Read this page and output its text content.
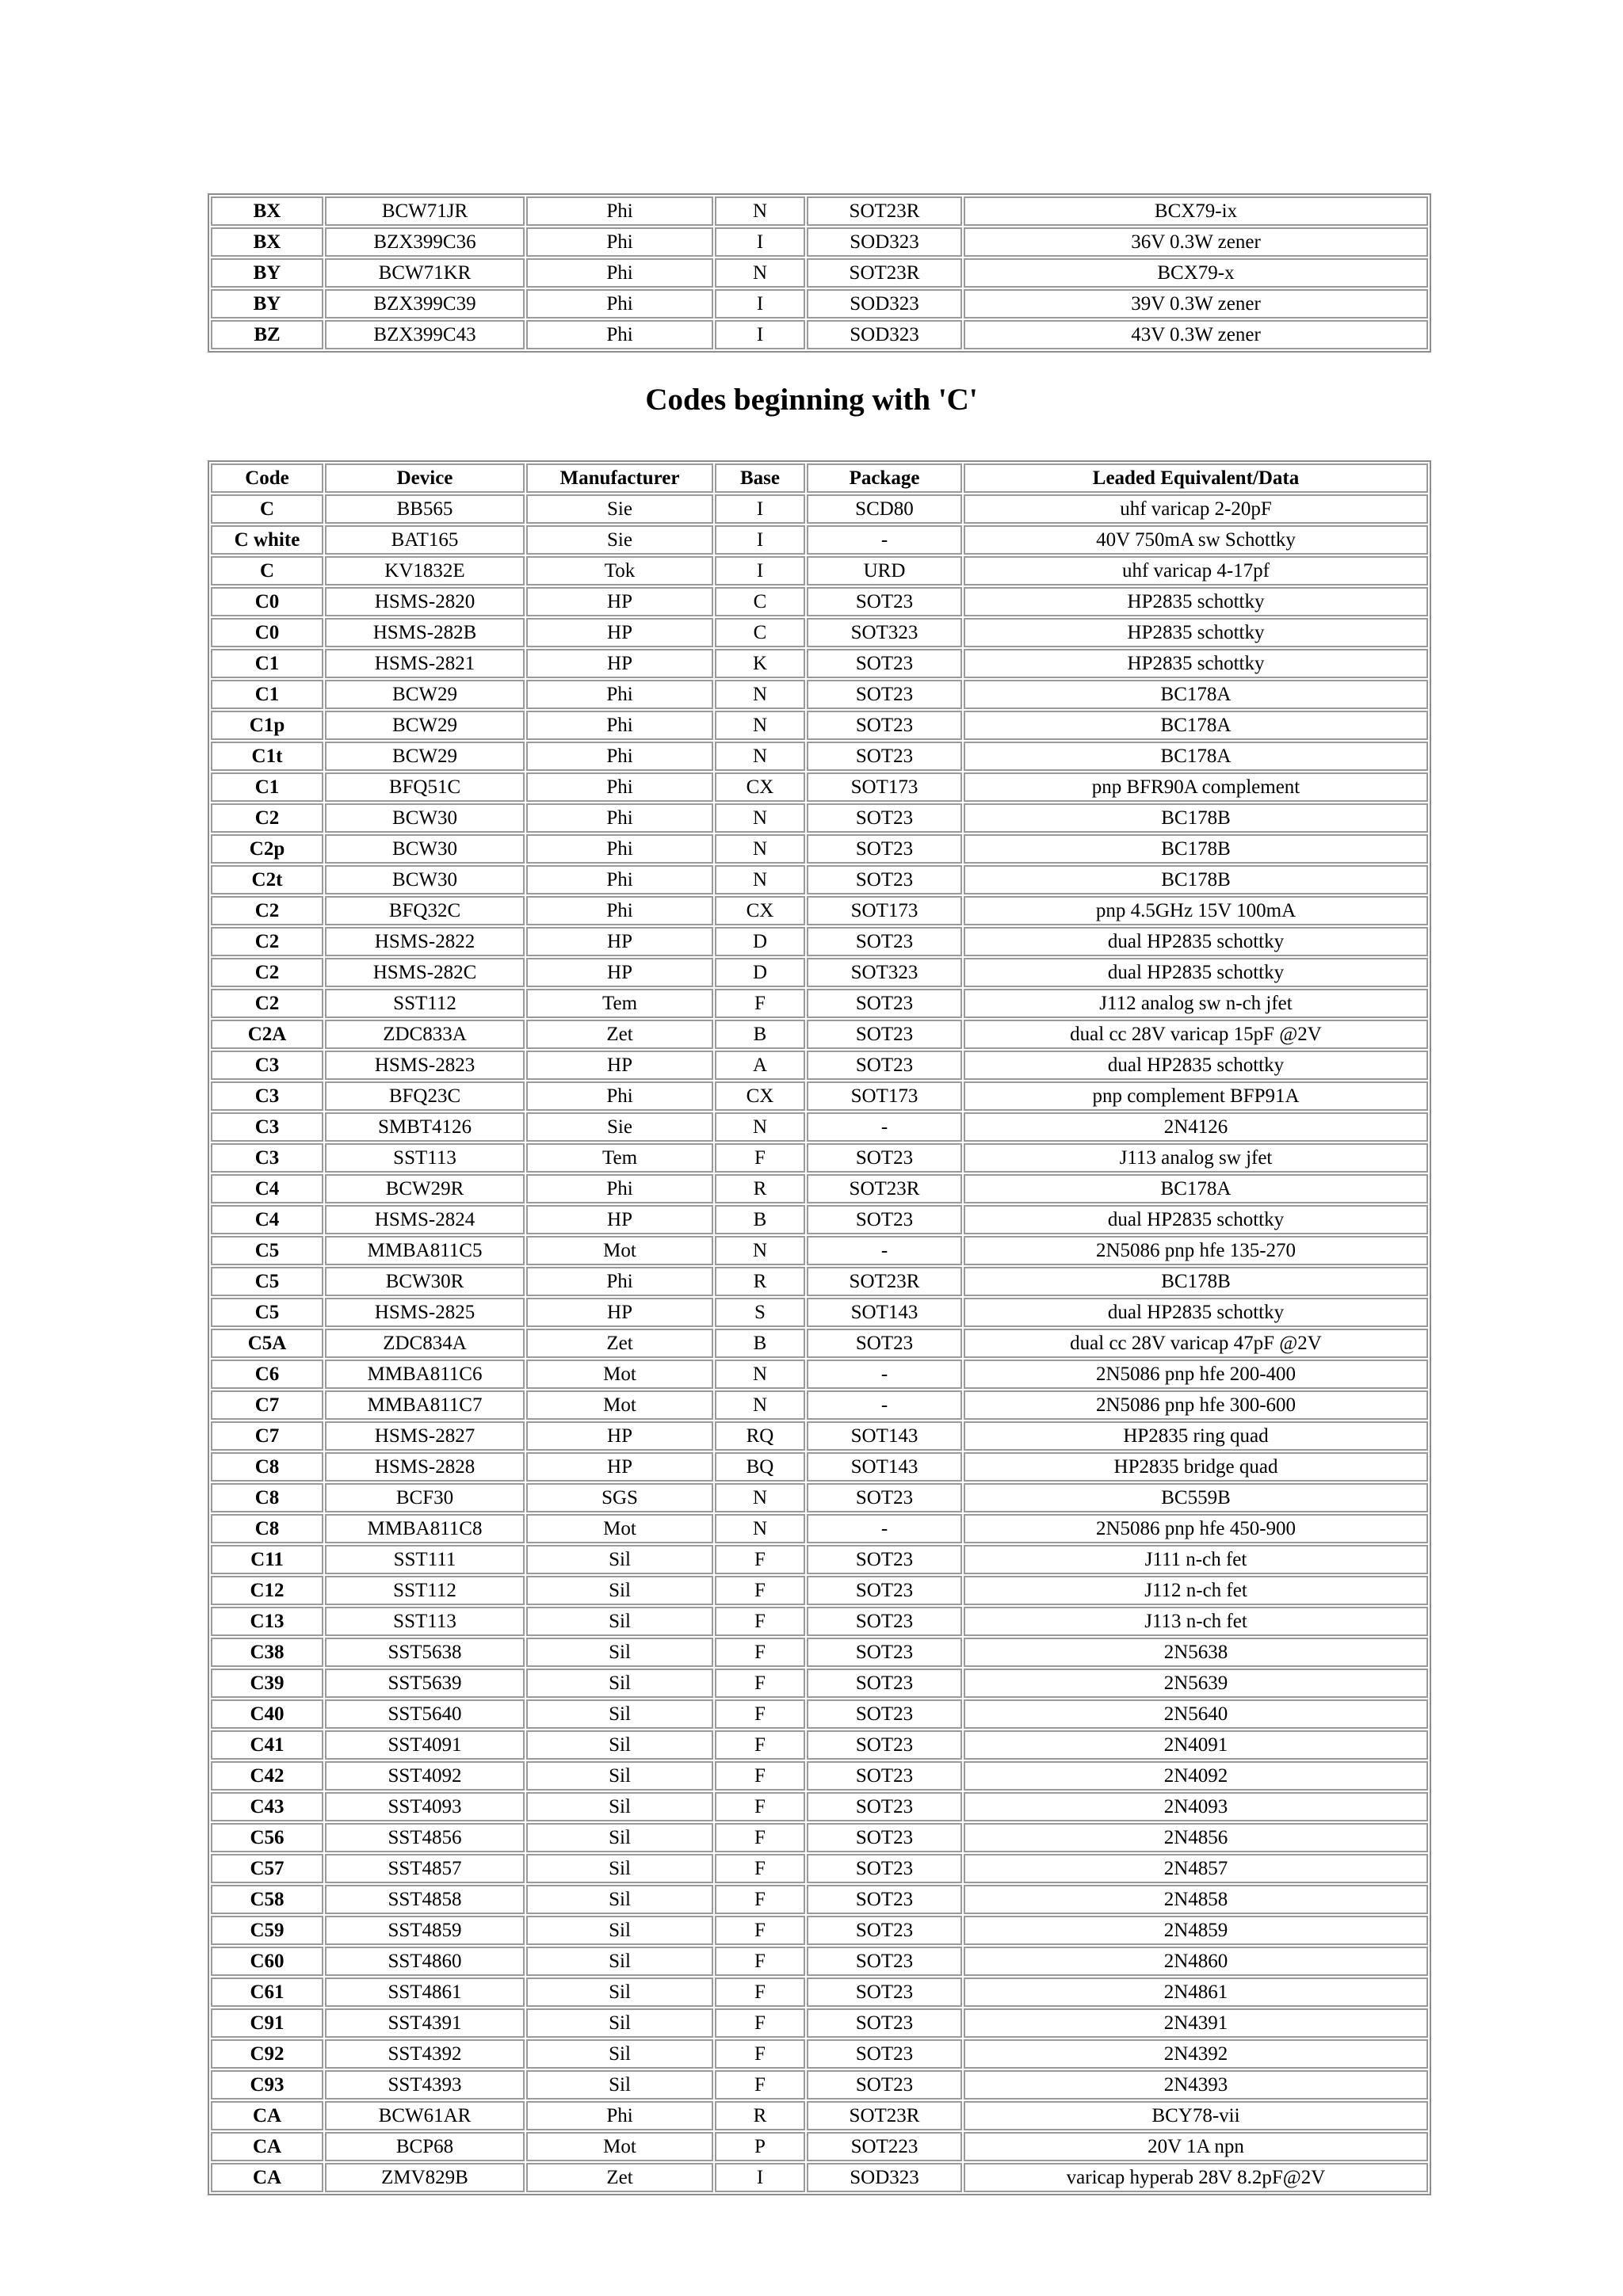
BX	BCW71JR	Phi	N	SOT23R	BCX79-ix
BX	BZX399C36	Phi	I	SOD323	36V 0.3W zener
BY	BCW71KR	Phi	N	SOT23R	BCX79-x
BY	BZX399C39	Phi	I	SOD323	39V 0.3W zener
BZ	BZX399C43	Phi	I	SOD323	43V 0.3W zener
Codes beginning with 'C'
Code	Device	Manufacturer	Base	Package	Leaded Equivalent/Data
C	BB565	Sie	I	SCD80	uhf varicap 2-20pF
C white	BAT165	Sie	I	-	40V 750mA sw Schottky
C	KV1832E	Tok	I	URD	uhf varicap 4-17pf
C0	HSMS-2820	HP	C	SOT23	HP2835 schottky
C0	HSMS-282B	HP	C	SOT323	HP2835 schottky
C1	HSMS-2821	HP	K	SOT23	HP2835 schottky
C1	BCW29	Phi	N	SOT23	BC178A
C1p	BCW29	Phi	N	SOT23	BC178A
C1t	BCW29	Phi	N	SOT23	BC178A
C1	BFQ51C	Phi	CX	SOT173	pnp BFR90A complement
C2	BCW30	Phi	N	SOT23	BC178B
C2p	BCW30	Phi	N	SOT23	BC178B
C2t	BCW30	Phi	N	SOT23	BC178B
C2	BFQ32C	Phi	CX	SOT173	pnp 4.5GHz 15V 100mA
C2	HSMS-2822	HP	D	SOT23	dual HP2835 schottky
C2	HSMS-282C	HP	D	SOT323	dual HP2835 schottky
C2	SST112	Tem	F	SOT23	J112 analog sw n-ch jfet
C2A	ZDC833A	Zet	B	SOT23	dual cc 28V varicap 15pF @2V
C3	HSMS-2823	HP	A	SOT23	dual HP2835 schottky
C3	BFQ23C	Phi	CX	SOT173	pnp complement BFP91A
C3	SMBT4126	Sie	N	-	2N4126
C3	SST113	Tem	F	SOT23	J113 analog sw jfet
C4	BCW29R	Phi	R	SOT23R	BC178A
C4	HSMS-2824	HP	B	SOT23	dual HP2835 schottky
C5	MMBA811C5	Mot	N	-	2N5086 pnp hfe 135-270
C5	BCW30R	Phi	R	SOT23R	BC178B
C5	HSMS-2825	HP	S	SOT143	dual HP2835 schottky
C5A	ZDC834A	Zet	B	SOT23	dual cc 28V varicap 47pF @2V
C6	MMBA811C6	Mot	N	-	2N5086 pnp hfe 200-400
C7	MMBA811C7	Mot	N	-	2N5086 pnp hfe 300-600
C7	HSMS-2827	HP	RQ	SOT143	HP2835 ring quad
C8	HSMS-2828	HP	BQ	SOT143	HP2835 bridge quad
C8	BCF30	SGS	N	SOT23	BC559B
C8	MMBA811C8	Mot	N	-	2N5086 pnp hfe 450-900
C11	SST111	Sil	F	SOT23	J111 n-ch fet
C12	SST112	Sil	F	SOT23	J112 n-ch fet
C13	SST113	Sil	F	SOT23	J113 n-ch fet
C38	SST5638	Sil	F	SOT23	2N5638
C39	SST5639	Sil	F	SOT23	2N5639
C40	SST5640	Sil	F	SOT23	2N5640
C41	SST4091	Sil	F	SOT23	2N4091
C42	SST4092	Sil	F	SOT23	2N4092
C43	SST4093	Sil	F	SOT23	2N4093
C56	SST4856	Sil	F	SOT23	2N4856
C57	SST4857	Sil	F	SOT23	2N4857
C58	SST4858	Sil	F	SOT23	2N4858
C59	SST4859	Sil	F	SOT23	2N4859
C60	SST4860	Sil	F	SOT23	2N4860
C61	SST4861	Sil	F	SOT23	2N4861
C91	SST4391	Sil	F	SOT23	2N4391
C92	SST4392	Sil	F	SOT23	2N4392
C93	SST4393	Sil	F	SOT23	2N4393
CA	BCW61AR	Phi	R	SOT23R	BCY78-vii
CA	BCP68	Mot	P	SOT223	20V 1A npn
CA	ZMV829B	Zet	I	SOD323	varicap hyperab 28V 8.2pF@2V
